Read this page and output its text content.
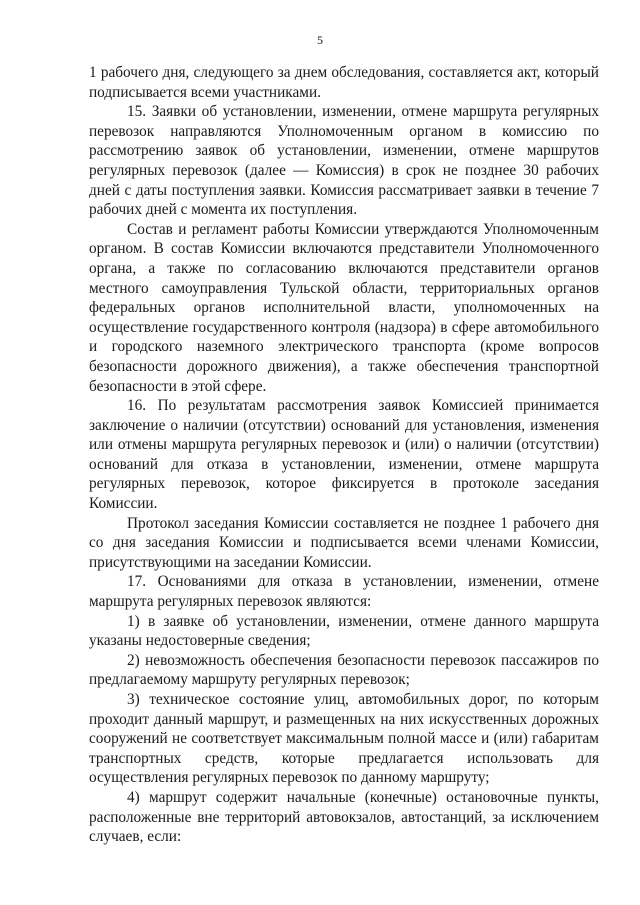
5

1 рабочего дня, следующего за днем обследования, составляется акт, который подписывается всеми участниками.

15. Заявки об установлении, изменении, отмене маршрута регулярных перевозок направляются Уполномоченным органом в комиссию по рассмотрению заявок об установлении, изменении, отмене маршрутов регулярных перевозок (далее — Комиссия) в срок не позднее 30 рабочих дней с даты поступления заявки. Комиссия рассматривает заявки в течение 7 рабочих дней с момента их поступления.

Состав и регламент работы Комиссии утверждаются Уполномоченным органом. В состав Комиссии включаются представители Уполномоченного органа, а также по согласованию включаются представители органов местного самоуправления Тульской области, территориальных органов федеральных органов исполнительной власти, уполномоченных на осуществление государственного контроля (надзора) в сфере автомобильного и городского наземного электрического транспорта (кроме вопросов безопасности дорожного движения), а также обеспечения транспортной безопасности в этой сфере.

16. По результатам рассмотрения заявок Комиссией принимается заключение о наличии (отсутствии) оснований для установления, изменения или отмены маршрута регулярных перевозок и (или) о наличии (отсутствии) оснований для отказа в установлении, изменении, отмене маршрута регулярных перевозок, которое фиксируется в протоколе заседания Комиссии.

Протокол заседания Комиссии составляется не позднее 1 рабочего дня со дня заседания Комиссии и подписывается всеми членами Комиссии, присутствующими на заседании Комиссии.

17. Основаниями для отказа в установлении, изменении, отмене маршрута регулярных перевозок являются:

1) в заявке об установлении, изменении, отмене данного маршрута указаны недостоверные сведения;

2) невозможность обеспечения безопасности перевозок пассажиров по предлагаемому маршруту регулярных перевозок;

3) техническое состояние улиц, автомобильных дорог, по которым проходит данный маршрут, и размещенных на них искусственных дорожных сооружений не соответствует максимальным полной массе и (или) габаритам транспортных средств, которые предлагается использовать для осуществления регулярных перевозок по данному маршруту;

4) маршрут содержит начальные (конечные) остановочные пункты, расположенные вне территорий автовокзалов, автостанций, за исключением случаев, если:
